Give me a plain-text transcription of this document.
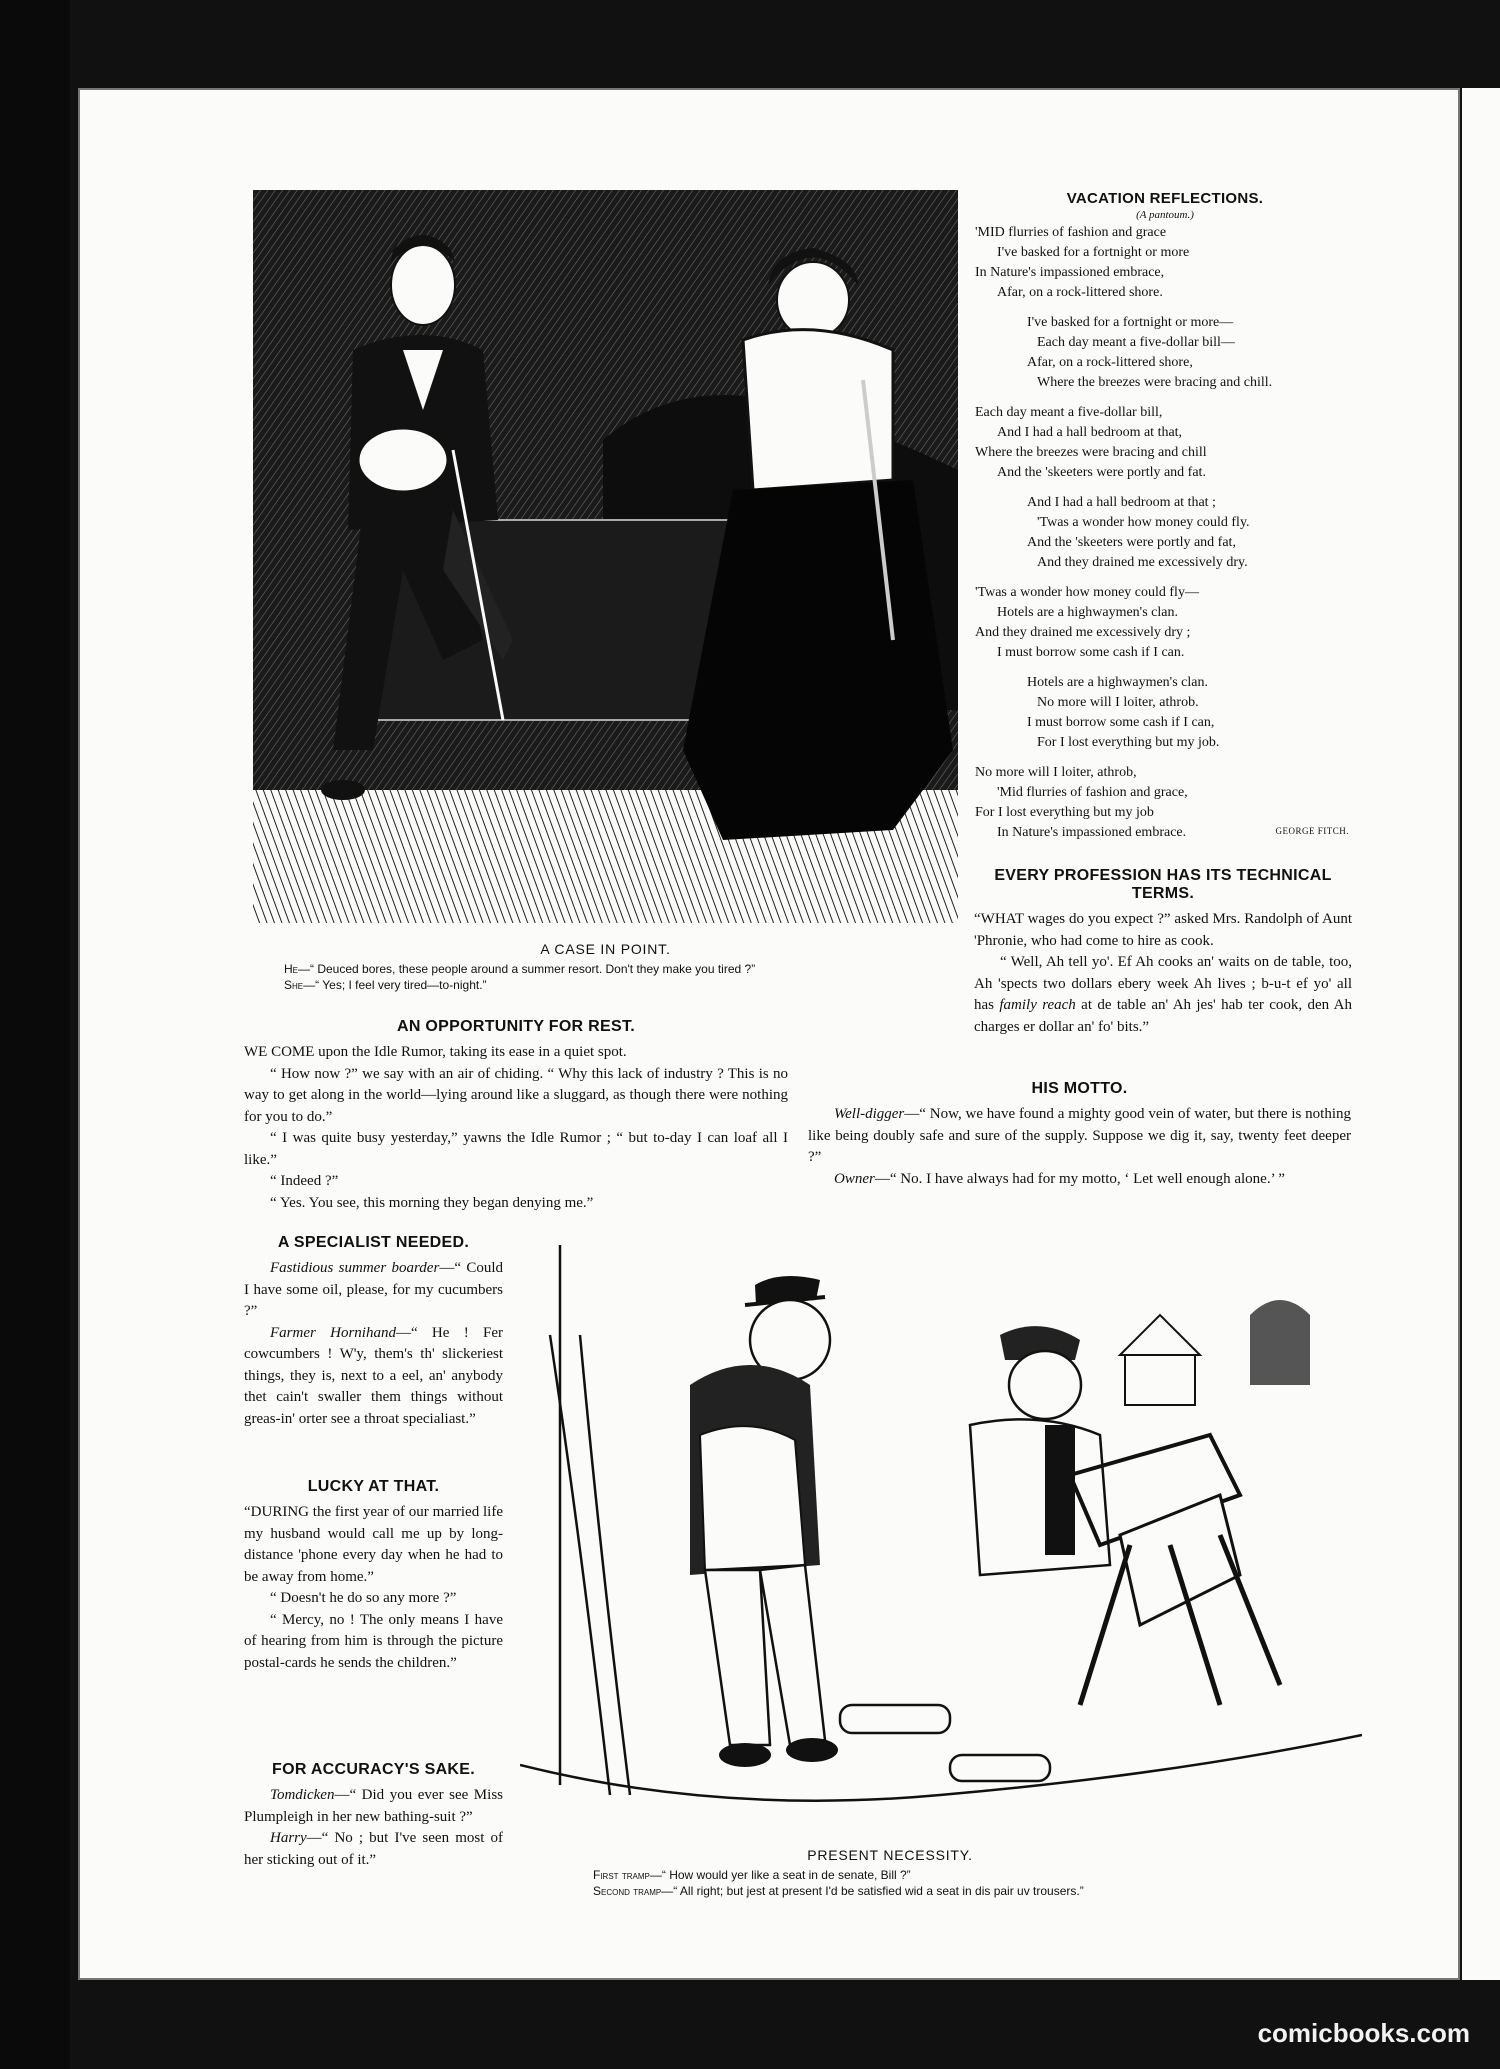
A CASE IN POINT.
He—“ Deuced bores, these people around a summer resort. Don't they make you tired ?”
She—“ Yes; I feel very tired—to-night.”
VACATION REFLECTIONS.
(A pantoum.)
'MID flurries of fashion and grace
I've basked for a fortnight or more
In Nature's impassioned embrace,
Afar, on a rock-littered shore.
I've basked for a fortnight or more—
Each day meant a five-dollar bill—
Afar, on a rock-littered shore,
Where the breezes were bracing and chill.
Each day meant a five-dollar bill,
And I had a hall bedroom at that,
Where the breezes were bracing and chill
And the 'skeeters were portly and fat.
And I had a hall bedroom at that ;
'Twas a wonder how money could fly.
And the 'skeeters were portly and fat,
And they drained me excessively dry.
'Twas a wonder how money could fly—
Hotels are a highwaymen's clan.
And they drained me excessively dry ;
I must borrow some cash if I can.
Hotels are a highwaymen's clan.
No more will I loiter, athrob.
I must borrow some cash if I can,
For I lost everything but my job.
No more will I loiter, athrob,
'Mid flurries of fashion and grace,
For I lost everything but my job
In Nature's impassioned embrace.	GEORGE FITCH.
EVERY PROFESSION HAS ITS TECHNICAL TERMS.

“WHAT wages do you expect ?” asked Mrs. Randolph of Aunt 'Phronie, who had come to hire as cook.

“ Well, Ah tell yo'. Ef Ah cooks an' waits on de table, too, Ah 'spects two dollars ebery week Ah lives ; b-u-t ef yo' all has family reach at de table an' Ah jes' hab ter cook, den Ah charges er dollar an' fo' bits.”

AN OPPORTUNITY FOR REST.

WE COME upon the Idle Rumor, taking its ease in a quiet spot.

“ How now ?” we say with an air of chiding. “ Why this lack of industry ? This is no way to get along in the world—lying around like a sluggard, as though there were nothing for you to do.”

“ I was quite busy yesterday,” yawns the Idle Rumor ; “ but to-day I can loaf all I like.”

“ Indeed ?”

“ Yes. You see, this morning they began denying me.”

HIS MOTTO.

Well-digger—“ Now, we have found a mighty good vein of water, but there is nothing like being doubly safe and sure of the supply. Suppose we dig it, say, twenty feet deeper ?”

Owner—“ No. I have always had for my motto, ‘ Let well enough alone.’ ”

A SPECIALIST NEEDED.

Fastidious summer boarder—“ Could I have some oil, please, for my cucumbers ?”

Farmer Hornihand—“ He ! Fer cowcumbers ! W'y, them's th' slickeriest things, they is, next to a eel, an' anybody thet cain't swaller them things without greas-in' orter see a throat specialiast.”

LUCKY AT THAT.

“DURING the first year of our married life my husband would call me up by long-distance 'phone every day when he had to be away from home.”

“ Doesn't he do so any more ?”

“ Mercy, no ! The only means I have of hearing from him is through the picture postal-cards he sends the children.”

FOR ACCURACY'S SAKE.

Tomdicken—“ Did you ever see Miss Plumpleigh in her new bathing-suit ?”

Harry—“ No ; but I've seen most of her sticking out of it.”	PRESENT NECESSITY.
First tramp—“ How would yer like a seat in de senate, Bill ?”
Second tramp—“ All right; but jest at present I'd be satisfied wid a seat in dis pair uv trousers.”
comicbooks.com
